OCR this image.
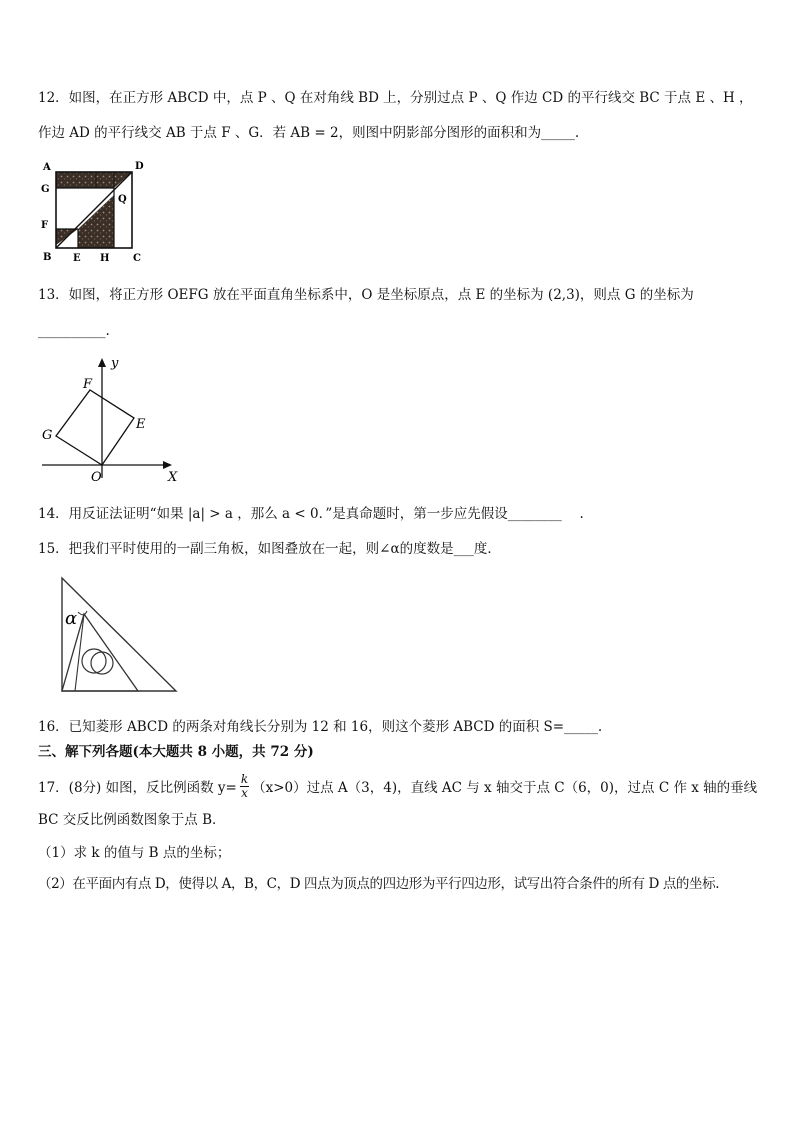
12．如图，在正方形 ABCD 中，点 P 、Q 在对角线 BD 上，分别过点 P 、Q 作边 CD 的平行线交 BC 于点 E 、H ，
作边 AD 的平行线交 AB 于点 F 、G．若 AB = 2，则图中阴影部分图形的面积和为_____.
A	D
G
Q
F P
B E H C
13．如图，将正方形 OEFG 放在平面直角坐标系中，O 是坐标原点，点 E 的坐标为 (2,3)，则点 G 的坐标为
__________.
F
y
E
G
O	X
14．用反证法证明“如果 |a| > a ，那么 a < 0．”是真命题时，第一步应先假设________　 .
15．把我们平时使用的一副三角板，如图叠放在一起，则∠α的度数是___度．
α
16．已知菱形 ABCD 的两条对角线长分别为 12 和 16，则这个菱形 ABCD 的面积 S=_____.
三、解下列各题(本大题共 8 小题，共 72 分)
17．(8分) 如图，反比例函数 $y= \frac{k}{x} (x>0)$过点 A（3，4)，直线 AC 与 x 轴交于点 C（6，0)，过点 C 作 x 轴的垂线
BC 交反比例函数图象于点 B．
（1）求 k 的值与 B 点的坐标；
（2）在平面内有点 D，使得以 A，B，C，D 四点为顶点的四边形为平行四边形，试写出符合条件的所有 D 点的坐标.
